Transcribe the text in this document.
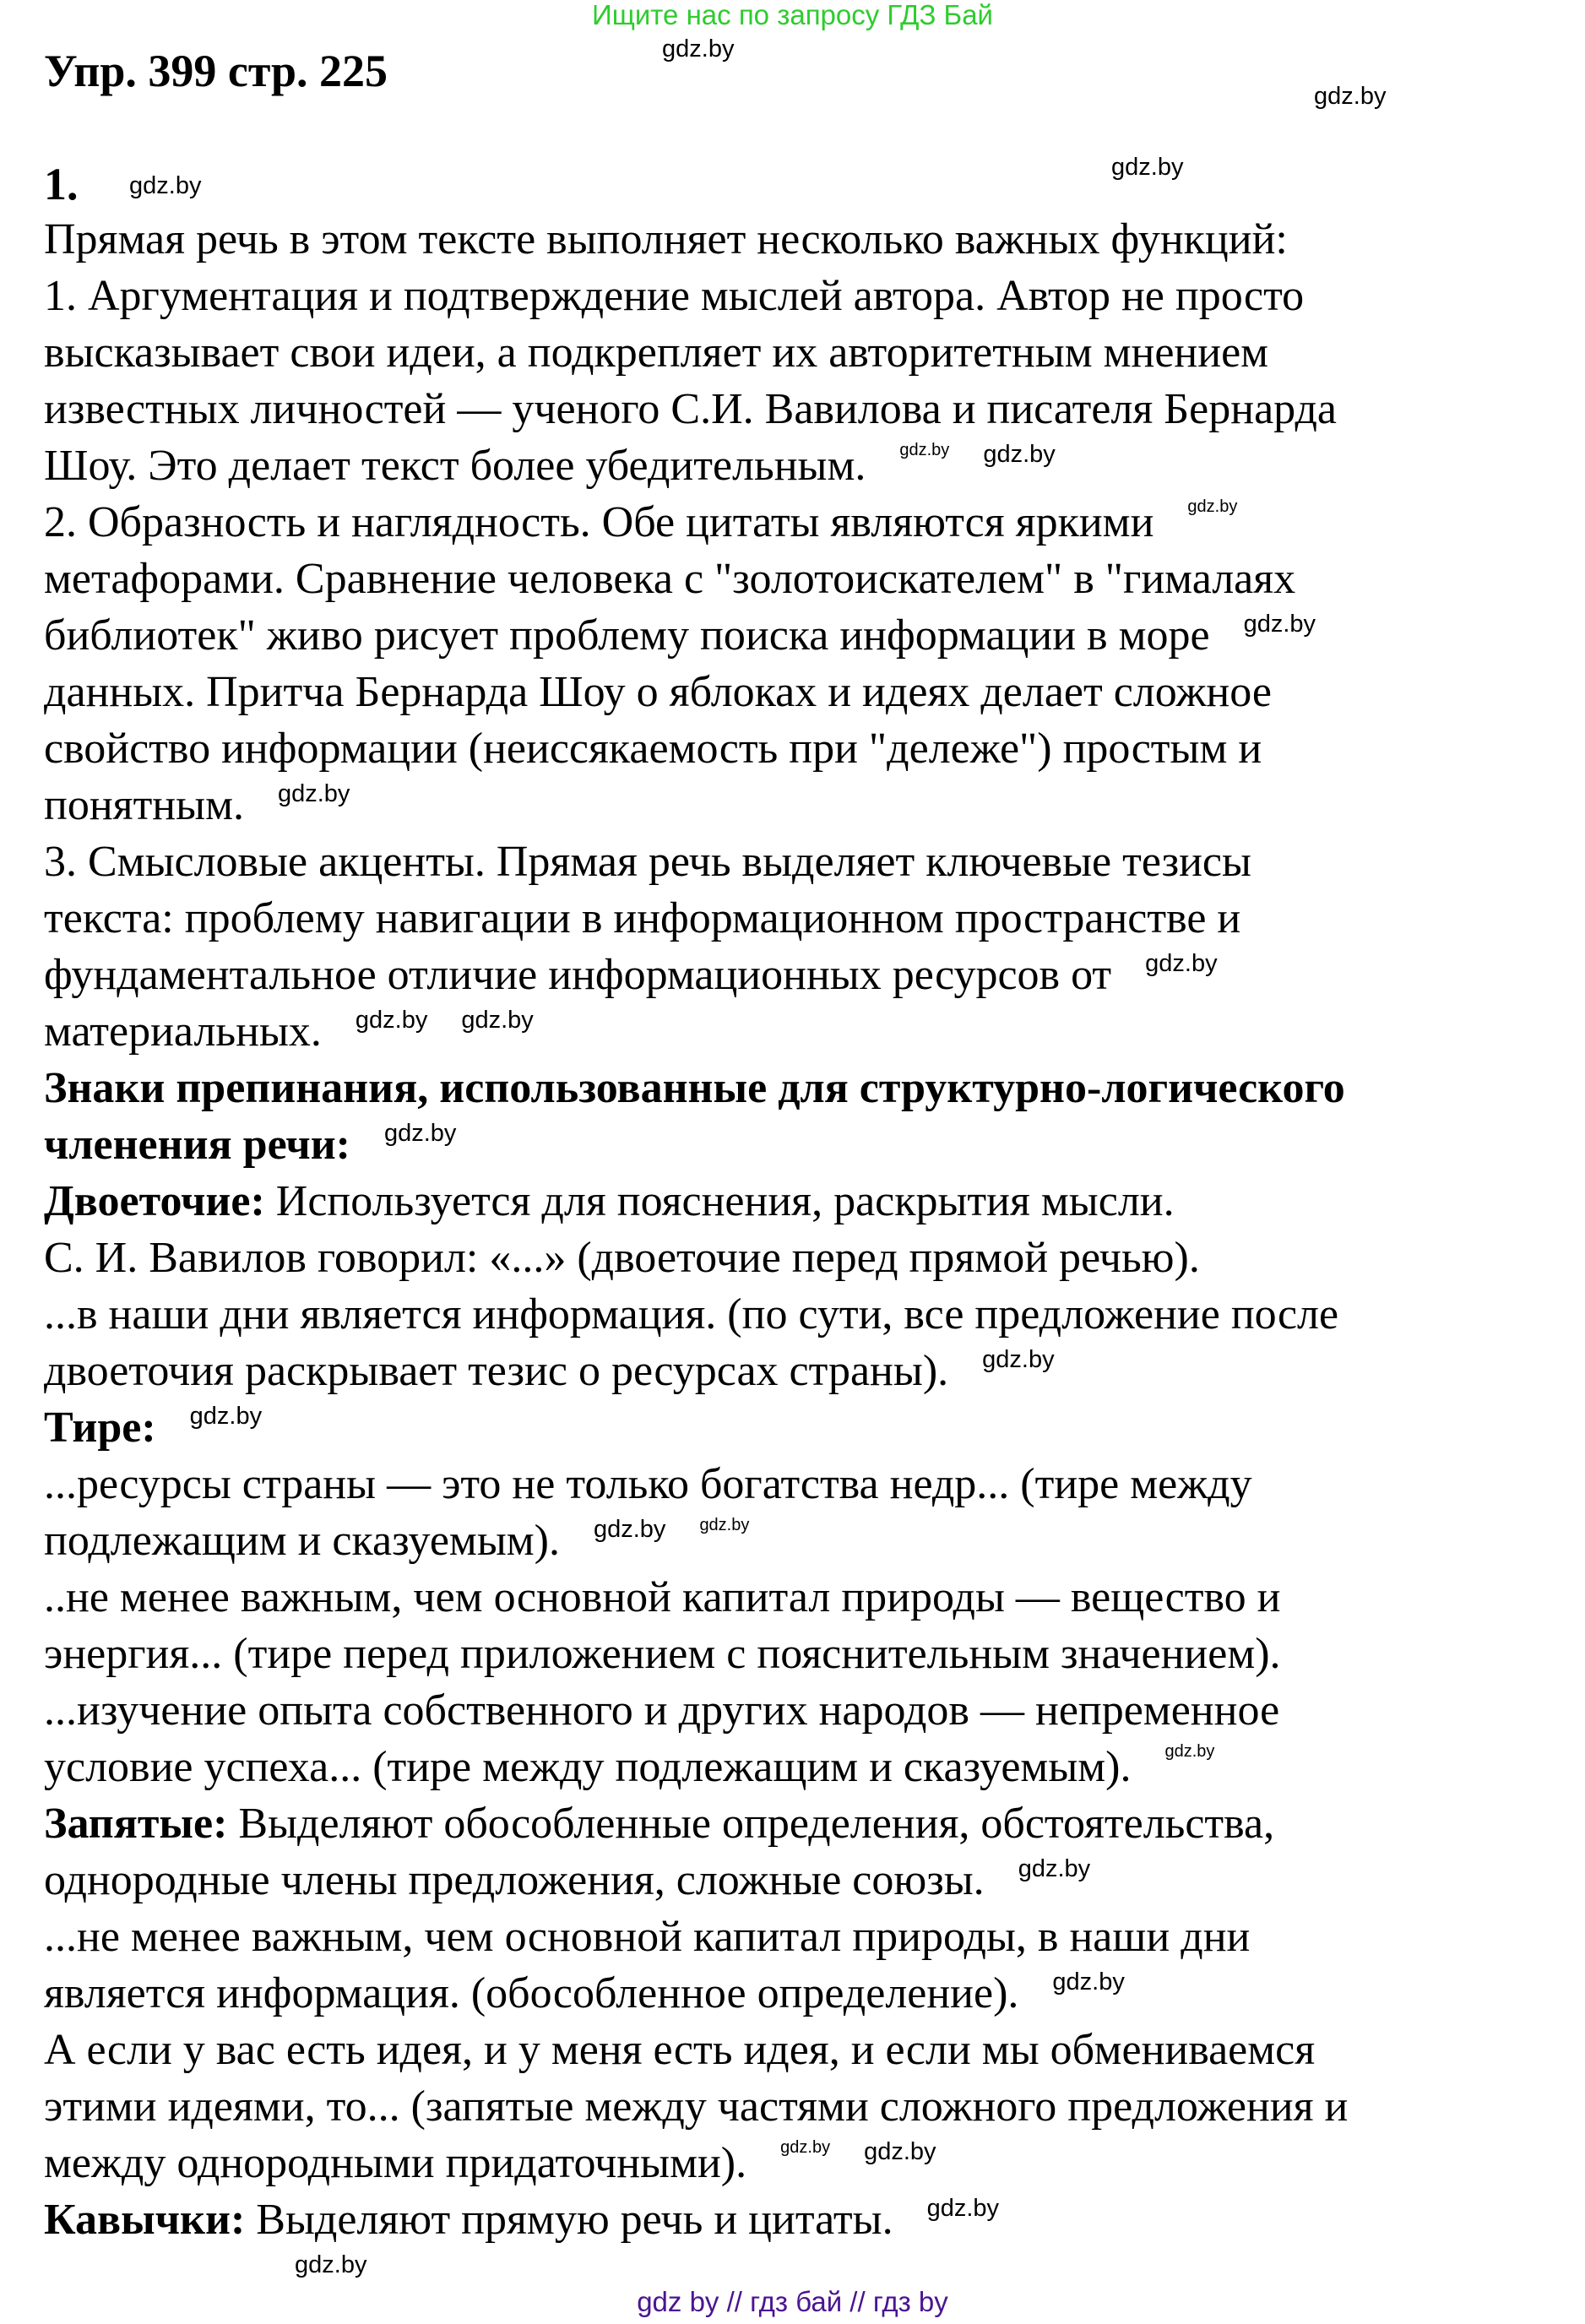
Ищите нас по запросу ГДЗ Бай
Упр. 399 стр. 225
1.
Прямая речь в этом тексте выполняет несколько важных функций:
1. Аргументация и подтверждение мыслей автора. Автор не просто
высказывает свои идеи, а подкрепляет их авторитетным мнением
известных личностей — ученого С.И. Вавилова и писателя Бернарда
Шоу. Это делает текст более убедительным. gdz.by gdz.by
2. Образность и наглядность. Обе цитаты являются яркими gdz.by
метафорами. Сравнение человека с "золотоискателем" в "гималаях
библиотек" живо рисует проблему поиска информации в море gdz.by
данных. Притча Бернарда Шоу о яблоках и идеях делает сложное
свойство информации (неиссякаемость при "дележе") простым и
понятным. gdz.by
3. Смысловые акценты. Прямая речь выделяет ключевые тезисы
текста: проблему навигации в информационном пространстве и
фундаментальное отличие информационных ресурсов от gdz.by
материальных. gdz.by gdz.by
Знаки препинания, использованные для структурно-логического
членения речи: gdz.by
Двоеточие: Используется для пояснения, раскрытия мысли.
С. И. Вавилов говорил: «...» (двоеточие перед прямой речью).
...в наши дни является информация. (по сути, все предложение после
двоеточия раскрывает тезис о ресурсах страны). gdz.by
Тире: gdz.by
...ресурсы страны — это не только богатства недр... (тире между
подлежащим и сказуемым). gdz.by gdz.by
..не менее важным, чем основной капитал природы — вещество и
энергия... (тире перед приложением с пояснительным значением).
...изучение опыта собственного и других народов — непременное
условие успеха... (тире между подлежащим и сказуемым). gdz.by
Запятые: Выделяют обособленные определения, обстоятельства,
однородные члены предложения, сложные союзы. gdz.by
...не менее важным, чем основной капитал природы, в наши дни
является информация. (обособленное определение). gdz.by
А если у вас есть идея, и у меня есть идея, и если мы обмениваемся
этими идеями, то... (запятые между частями сложного предложения и
между однородными придаточными). gdz.by gdz.by
Кавычки: Выделяют прямую речь и цитаты. gdz.by
gdz.by
gdz.by
gdz.by
gdz.by
gdz.by
gdz by // гдз бай // гдз by
